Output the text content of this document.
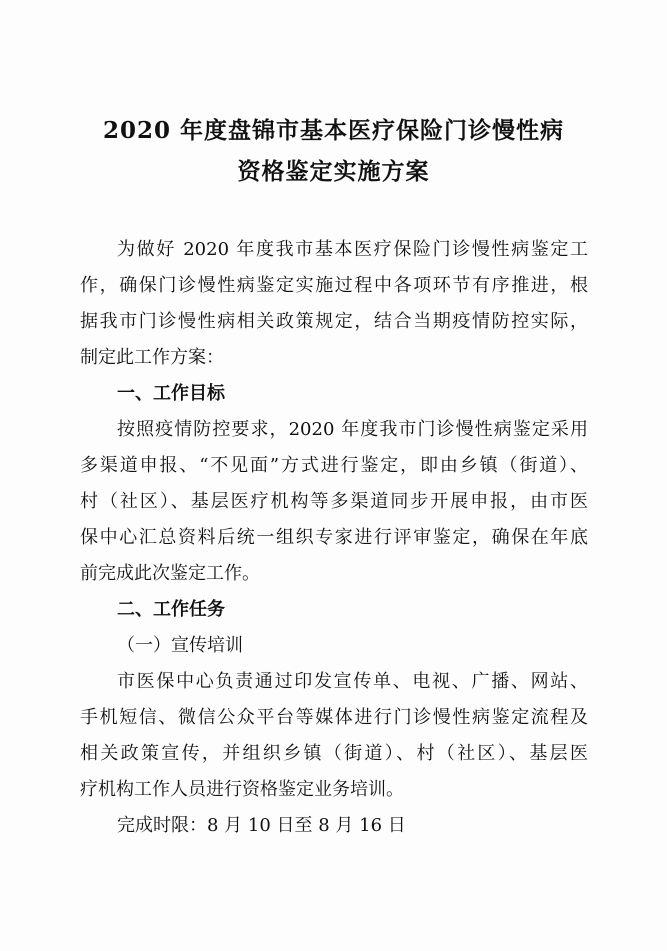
2020 年度盘锦市基本医疗保险门诊慢性病
资格鉴定实施方案
为做好 2020 年度我市基本医疗保险门诊慢性病鉴定工
作，确保门诊慢性病鉴定实施过程中各项环节有序推进，根
据我市门诊慢性病相关政策规定，结合当期疫情防控实际，
制定此工作方案：
一、工作目标
按照疫情防控要求，2020 年度我市门诊慢性病鉴定采用
多渠道申报、“不见面”方式进行鉴定，即由乡镇（街道）、
村（社区）、基层医疗机构等多渠道同步开展申报，由市医
保中心汇总资料后统一组织专家进行评审鉴定，确保在年底
前完成此次鉴定工作。
二、工作任务
（一）宣传培训
市医保中心负责通过印发宣传单、电视、广播、网站、
手机短信、微信公众平台等媒体进行门诊慢性病鉴定流程及
相关政策宣传，并组织乡镇（街道）、村（社区）、基层医
疗机构工作人员进行资格鉴定业务培训。
完成时限：8 月 10 日至 8 月 16 日
